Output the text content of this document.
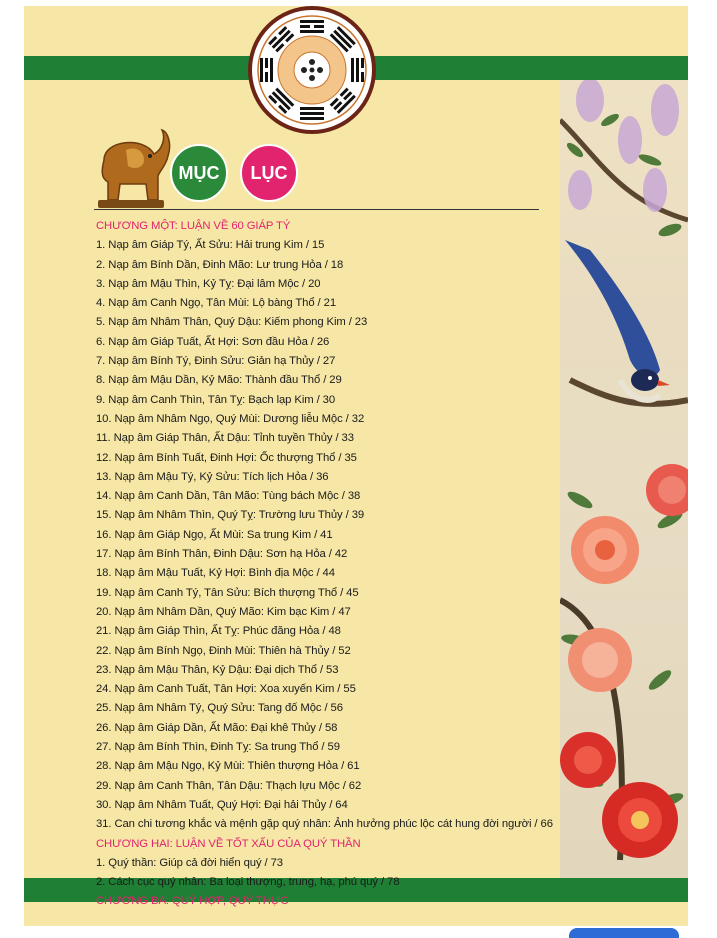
MỤC	LỤC
CHƯƠNG MỘT: LUẬN VỀ 60 GIÁP TÝ
1. Nạp âm Giáp Tý, Ất Sửu: Hải trung Kim / 15
2. Nạp âm Bính Dần, Đinh Mão: Lư trung Hỏa / 18
3. Nạp âm Mậu Thìn, Kỷ Tỵ: Đại lâm Mộc / 20
4. Nạp âm Canh Ngọ, Tân Mùi: Lộ bàng Thổ / 21
5. Nạp âm Nhâm Thân, Quý Dậu: Kiếm phong Kim / 23
6. Nạp âm Giáp Tuất, Ất Hợi: Sơn đầu Hỏa / 26
7. Nạp âm Bính Tý, Đinh Sửu: Giản hạ Thủy / 27
8. Nạp âm Mậu Dần, Kỷ Mão: Thành đầu Thổ / 29
9. Nạp âm Canh Thìn, Tân Tỵ: Bạch lạp Kim / 30
10. Nạp âm Nhâm Ngọ, Quý Mùi: Dương liễu Mộc / 32
11. Nạp âm Giáp Thân, Ất Dậu: Tỉnh tuyền Thủy / 33
12. Nạp âm Bính Tuất, Đinh Hợi: Ốc thượng Thổ / 35
13. Nạp âm Mậu Tý, Kỷ Sửu: Tích lịch Hỏa / 36
14. Nạp âm Canh Dần, Tân Mão: Tùng bách Mộc / 38
15. Nạp âm Nhâm Thìn, Quý Tỵ: Trường lưu Thủy / 39
16. Nạp âm Giáp Ngọ, Ất Mùi: Sa trung Kim / 41
17. Nạp âm Bính Thân, Đinh Dậu: Sơn hạ Hỏa / 42
18. Nạp âm Mậu Tuất, Kỷ Hợi: Bình địa Mộc / 44
19. Nạp âm Canh Tý, Tân Sửu: Bích thượng Thổ / 45
20. Nạp âm Nhâm Dần, Quý Mão: Kim bạc Kim / 47
21. Nạp âm Giáp Thìn, Ất Tỵ: Phúc đăng Hỏa / 48
22. Nạp âm Bính Ngọ, Đinh Mùi: Thiên hà Thủy / 52
23. Nạp âm Mậu Thân, Kỷ Dậu: Đại dịch Thổ / 53
24. Nạp âm Canh Tuất, Tân Hợi: Xoa xuyến Kim / 55
25. Nạp âm Nhâm Tý, Quý Sửu: Tang đố Mộc / 56
26. Nạp âm Giáp Dần, Ất Mão: Đại khê Thủy / 58
27. Nạp âm Bính Thìn, Đinh Tỵ: Sa trung Thổ / 59
28. Nạp âm Mậu Ngọ, Kỷ Mùi: Thiên thượng Hỏa / 61
29. Nạp âm Canh Thân, Tân Dậu: Thạch lựu Mộc / 62
30. Nạp âm Nhâm Tuất, Quý Hợi: Đại hải Thủy / 64
31. Can chi tương khắc và mệnh gặp quý nhân: Ảnh hưởng phúc lộc cát hung đời người / 66
CHƯƠNG HAI: LUẬN VỀ TỐT XẤU CỦA QUÝ THẦN
1. Quý thần: Giúp cả đời hiển quý / 73
2. Cách cục quý nhân: Ba loại thượng, trung, hạ, phú quý / 78
CHƯƠNG BA: QUÝ HỢP, QUÝ THỰC
